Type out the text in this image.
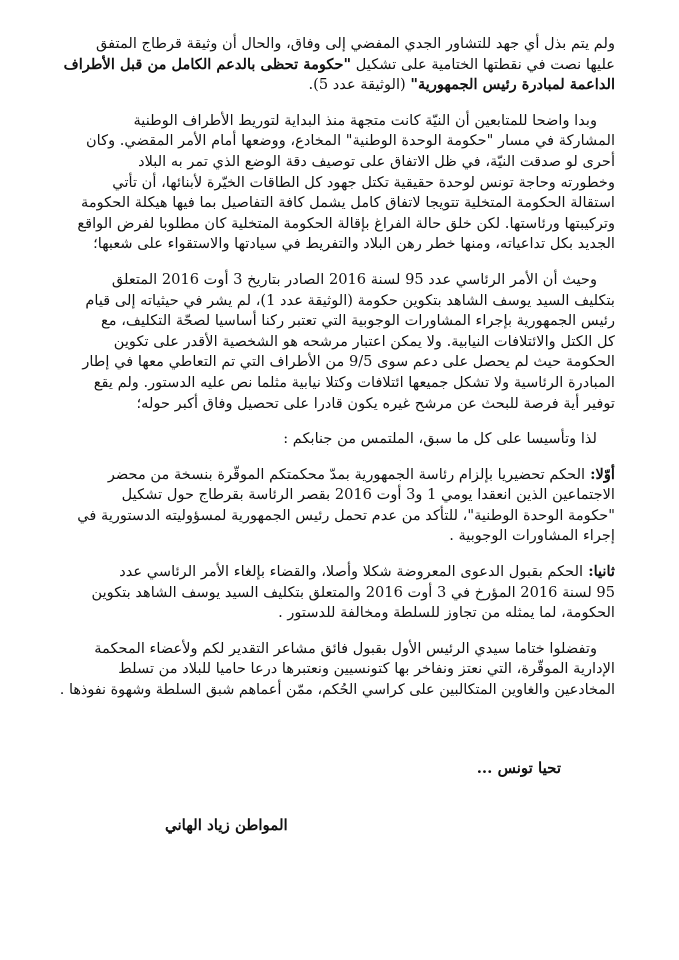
ولم يتم بذل أي جهد للتشاور الجدي المفضي إلى وفاق، والحال أن وثيقة قرطاج المتفق
عليها نصت في نقطتها الختامية على تشكيل "حكومة تحظى بالدعم الكامل من قبل الأطراف
الداعمة لمبادرة رئيس الجمهورية" (الوثيقة عدد 5).
وبدا واضحا للمتابعين أن النيّة كانت متجهة منذ البداية لتوريط الأطراف الوطنية
المشاركة في مسار "حكومة الوحدة الوطنية" المخادع، ووضعها أمام الأمر المقضي. وكان
أحرى لو صدقت النيّة، في ظل الاتفاق على توصيف دقة الوضع الذي تمر به البلاد
وخطورته وحاجة تونس لوحدة حقيقية تكتل جهود كل الطاقات الخيّرة لأبنائها، أن تأتي
استقالة الحكومة المتخلية تتويجا لاتفاق كامل يشمل كافة التفاصيل بما فيها هيكلة الحكومة
وتركيبتها ورئاستها. لكن خلق حالة الفراغ بإقالة الحكومة المتخلية كان مطلوبا لفرض الواقع
الجديد بكل تداعياته، ومنها خطر رهن البلاد والتفريط في سيادتها والاستقواء على شعبها؛
وحيث أن الأمر الرئاسي عدد 95 لسنة 2016 الصادر بتاريخ 3 أوت 2016 المتعلق
بتكليف السيد يوسف الشاهد بتكوين حكومة (الوثيقة عدد 1)، لم يشر في حيثياته إلى قيام
رئيس الجمهورية بإجراء المشاورات الوجوبية التي تعتبر ركنا أساسيا لصحّة التكليف، مع
كل الكتل والائتلافات النيابية. ولا يمكن اعتبار مرشحه هو الشخصية الأقدر على تكوين
الحكومة حيث لم يحصل على دعم سوى 9/5 من الأطراف التي تم التعاطي معها في إطار
المبادرة الرئاسية ولا تشكل جميعها ائتلافات وكتلا نيابية مثلما نص عليه الدستور. ولم يقع
توفير أية فرصة للبحث عن مرشح غيره يكون قادرا على تحصيل وفاق أكبر حوله؛
لذا وتأسيسا على كل ما سبق، الملتمس من جنابكم :
أوّلا: الحكم تحضيريا بإلزام رئاسة الجمهورية بمدّ محكمتكم الموقّرة بنسخة من محضر
الاجتماعين الذين انعقدا يومي 1 و3 أوت 2016 بقصر الرئاسة بقرطاج حول تشكيل
"حكومة الوحدة الوطنية"، للتأكد من عدم تحمل رئيس الجمهورية لمسؤوليته الدستورية في
إجراء المشاورات الوجوبية .
ثانيا: الحكم بقبول الدعوى المعروضة شكلا وأصلا، والقضاء بإلغاء الأمر الرئاسي عدد
95 لسنة 2016 المؤرخ في 3 أوت 2016 والمتعلق بتكليف السيد يوسف الشاهد بتكوين
الحكومة، لما يمثله من تجاوز للسلطة ومخالفة للدستور .
وتفضلوا ختاما سيدي الرئيس الأول بقبول فائق مشاعر التقدير لكم ولأعضاء المحكمة
الإدارية الموقّرة، التي نعتز ونفاخر بها كتونسيين ونعتبرها درعا حاميا للبلاد من تسلط
المخادعين والغاوين المتكالبين على كراسي الحُكم، ممّن أعماهم شبق السلطة وشهوة نفوذها .
تحيا تونس ...
المواطن زياد الهاني
